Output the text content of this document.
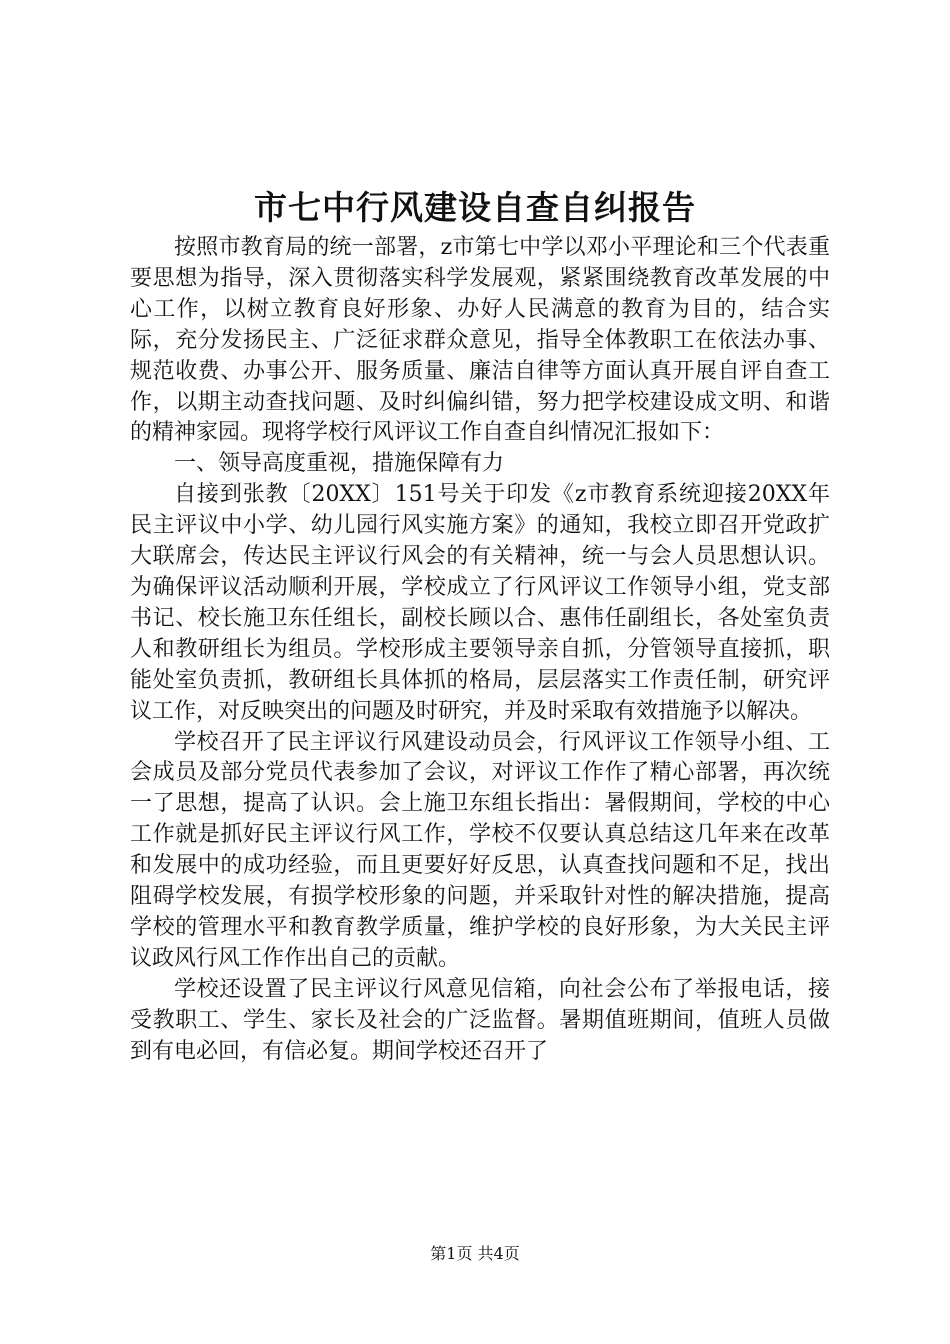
市七中行风建设自查自纠报告

按照市教育局的统一部署，z市第七中学以邓小平理论和三个代表重要思想为指导，深入贯彻落实科学发展观，紧紧围绕教育改革发展的中心工作，以树立教育良好形象、办好人民满意的教育为目的，结合实际，充分发扬民主、广泛征求群众意见，指导全体教职工在依法办事、规范收费、办事公开、服务质量、廉洁自律等方面认真开展自评自查工作，以期主动查找问题、及时纠偏纠错，努力把学校建设成文明、和谐的精神家园。现将学校行风评议工作自查自纠情况汇报如下：

一、领导高度重视，措施保障有力

自接到张教〔20XX〕151号关于印发《z市教育系统迎接20XX年民主评议中小学、幼儿园行风实施方案》的通知，我校立即召开党政扩大联席会，传达民主评议行风会的有关精神，统一与会人员思想认识。为确保评议活动顺利开展，学校成立了行风评议工作领导小组，党支部书记、校长施卫东任组长，副校长顾以合、惠伟任副组长，各处室负责人和教研组长为组员。学校形成主要领导亲自抓，分管领导直接抓，职能处室负责抓，教研组长具体抓的格局，层层落实工作责任制，研究评议工作，对反映突出的问题及时研究，并及时采取有效措施予以解决。

学校召开了民主评议行风建设动员会，行风评议工作领导小组、工会成员及部分党员代表参加了会议，对评议工作作了精心部署，再次统一了思想，提高了认识。会上施卫东组长指出：暑假期间，学校的中心工作就是抓好民主评议行风工作，学校不仅要认真总结这几年来在改革和发展中的成功经验，而且更要好好反思，认真查找问题和不足，找出阻碍学校发展，有损学校形象的问题，并采取针对性的解决措施，提高学校的管理水平和教育教学质量，维护学校的良好形象，为大关民主评议政风行风工作作出自己的贡献。

学校还设置了民主评议行风意见信箱，向社会公布了举报电话，接受教职工、学生、家长及社会的广泛监督。暑期值班期间，值班人员做到有电必回，有信必复。期间学校还召开了

第1页 共4页
